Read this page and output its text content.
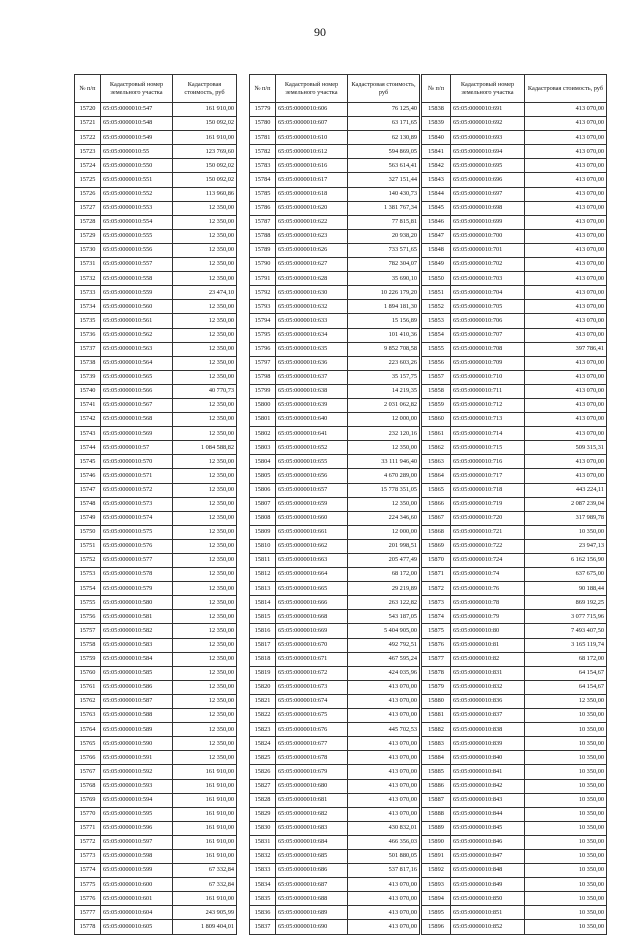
90
№ п/п	Кадастровый номер земельного участка	Кадастровая стоимость, руб
15720	65:05:0000010:547	161 910,00
15721	65:05:0000010:548	150 092,02
15722	65:05:0000010:549	161 910,00
15723	65:05:0000010:55	123 769,60
15724	65:05:0000010:550	150 092,02
15725	65:05:0000010:551	150 092,02
15726	65:05:0000010:552	113 960,86
15727	65:05:0000010:553	12 350,00
15728	65:05:0000010:554	12 350,00
15729	65:05:0000010:555	12 350,00
15730	65:05:0000010:556	12 350,00
15731	65:05:0000010:557	12 350,00
15732	65:05:0000010:558	12 350,00
15733	65:05:0000010:559	23 474,10
15734	65:05:0000010:560	12 350,00
15735	65:05:0000010:561	12 350,00
15736	65:05:0000010:562	12 350,00
15737	65:05:0000010:563	12 350,00
15738	65:05:0000010:564	12 350,00
15739	65:05:0000010:565	12 350,00
15740	65:05:0000010:566	40 770,73
15741	65:05:0000010:567	12 350,00
15742	65:05:0000010:568	12 350,00
15743	65:05:0000010:569	12 350,00
15744	65:05:0000010:57	1 084 588,82
15745	65:05:0000010:570	12 350,00
15746	65:05:0000010:571	12 350,00
15747	65:05:0000010:572	12 350,00
15748	65:05:0000010:573	12 350,00
15749	65:05:0000010:574	12 350,00
15750	65:05:0000010:575	12 350,00
15751	65:05:0000010:576	12 350,00
15752	65:05:0000010:577	12 350,00
15753	65:05:0000010:578	12 350,00
15754	65:05:0000010:579	12 350,00
15755	65:05:0000010:580	12 350,00
15756	65:05:0000010:581	12 350,00
15757	65:05:0000010:582	12 350,00
15758	65:05:0000010:583	12 350,00
15759	65:05:0000010:584	12 350,00
15760	65:05:0000010:585	12 350,00
15761	65:05:0000010:586	12 350,00
15762	65:05:0000010:587	12 350,00
15763	65:05:0000010:588	12 350,00
15764	65:05:0000010:589	12 350,00
15765	65:05:0000010:590	12 350,00
15766	65:05:0000010:591	12 350,00
15767	65:05:0000010:592	161 910,00
15768	65:05:0000010:593	161 910,00
15769	65:05:0000010:594	161 910,00
15770	65:05:0000010:595	161 910,00
15771	65:05:0000010:596	161 910,00
15772	65:05:0000010:597	161 910,00
15773	65:05:0000010:598	161 910,00
15774	65:05:0000010:599	67 332,84
15775	65:05:0000010:600	67 332,84
15776	65:05:0000010:601	161 910,00
15777	65:05:0000010:604	243 905,99
15778	65:05:0000010:605	1 809 404,01
№ п/п	Кадастровый номер земельного участка	Кадастровая стоимость, руб
15779	65:05:0000010:606	76 125,40
15780	65:05:0000010:607	63 171,65
15781	65:05:0000010:610	62 130,89
15782	65:05:0000010:612	594 869,05
15783	65:05:0000010:616	563 614,41
15784	65:05:0000010:617	327 151,44
15785	65:05:0000010:618	140 430,73
15786	65:05:0000010:620	1 381 767,34
15787	65:05:0000010:622	77 815,81
15788	65:05:0000010:623	20 938,20
15789	65:05:0000010:626	733 571,65
15790	65:05:0000010:627	782 304,07
15791	65:05:0000010:628	35 690,10
15792	65:05:0000010:630	10 226 179,20
15793	65:05:0000010:632	1 894 181,30
15794	65:05:0000010:633	15 156,89
15795	65:05:0000010:634	101 410,36
15796	65:05:0000010:635	9 852 708,58
15797	65:05:0000010:636	223 603,26
15798	65:05:0000010:637	35 157,75
15799	65:05:0000010:638	14 219,35
15800	65:05:0000010:639	2 031 062,82
15801	65:05:0000010:640	12 000,00
15802	65:05:0000010:641	232 120,16
15803	65:05:0000010:652	12 350,00
15804	65:05:0000010:655	33 111 946,40
15805	65:05:0000010:656	4 670 289,00
15806	65:05:0000010:657	15 778 351,05
15807	65:05:0000010:659	12 350,00
15808	65:05:0000010:660	224 346,60
15809	65:05:0000010:661	12 000,00
15810	65:05:0000010:662	201 998,51
15811	65:05:0000010:663	205 477,49
15812	65:05:0000010:664	68 172,00
15813	65:05:0000010:665	29 219,89
15814	65:05:0000010:666	263 122,82
15815	65:05:0000010:668	543 187,05
15816	65:05:0000010:669	5 404 905,00
15817	65:05:0000010:670	492 792,51
15818	65:05:0000010:671	467 595,24
15819	65:05:0000010:672	424 035,96
15820	65:05:0000010:673	413 070,00
15821	65:05:0000010:674	413 070,00
15822	65:05:0000010:675	413 070,00
15823	65:05:0000010:676	445 702,53
15824	65:05:0000010:677	413 070,00
15825	65:05:0000010:678	413 070,00
15826	65:05:0000010:679	413 070,00
15827	65:05:0000010:680	413 070,00
15828	65:05:0000010:681	413 070,00
15829	65:05:0000010:682	413 070,00
15830	65:05:0000010:683	430 832,01
15831	65:05:0000010:684	466 356,03
15832	65:05:0000010:685	501 880,05
15833	65:05:0000010:686	537 817,16
15834	65:05:0000010:687	413 070,00
15835	65:05:0000010:688	413 070,00
15836	65:05:0000010:689	413 070,00
15837	65:05:0000010:690	413 070,00
№ п/п	Кадастровый номер земельного участка	Кадастровая стоимость, руб
15838	65:05:0000010:691	413 070,00
15839	65:05:0000010:692	413 070,00
15840	65:05:0000010:693	413 070,00
15841	65:05:0000010:694	413 070,00
15842	65:05:0000010:695	413 070,00
15843	65:05:0000010:696	413 070,00
15844	65:05:0000010:697	413 070,00
15845	65:05:0000010:698	413 070,00
15846	65:05:0000010:699	413 070,00
15847	65:05:0000010:700	413 070,00
15848	65:05:0000010:701	413 070,00
15849	65:05:0000010:702	413 070,00
15850	65:05:0000010:703	413 070,00
15851	65:05:0000010:704	413 070,00
15852	65:05:0000010:705	413 070,00
15853	65:05:0000010:706	413 070,00
15854	65:05:0000010:707	413 070,00
15855	65:05:0000010:708	397 786,41
15856	65:05:0000010:709	413 070,00
15857	65:05:0000010:710	413 070,00
15858	65:05:0000010:711	413 070,00
15859	65:05:0000010:712	413 070,00
15860	65:05:0000010:713	413 070,00
15861	65:05:0000010:714	413 070,00
15862	65:05:0000010:715	509 315,31
15863	65:05:0000010:716	413 070,00
15864	65:05:0000010:717	413 070,00
15865	65:05:0000010:718	443 224,11
15866	65:05:0000010:719	2 087 239,04
15867	65:05:0000010:720	317 989,78
15868	65:05:0000010:721	10 350,00
15869	65:05:0000010:722	23 947,13
15870	65:05:0000010:724	6 162 156,90
15871	65:05:0000010:74	637 675,00
15872	65:05:0000010:76	90 188,44
15873	65:05:0000010:78	869 192,25
15874	65:05:0000010:79	3 077 715,96
15875	65:05:0000010:80	7 493 407,50
15876	65:05:0000010:81	3 165 119,74
15877	65:05:0000010:82	68 172,00
15878	65:05:0000010:831	64 154,67
15879	65:05:0000010:832	64 154,67
15880	65:05:0000010:836	12 350,00
15881	65:05:0000010:837	10 350,00
15882	65:05:0000010:838	10 350,00
15883	65:05:0000010:839	10 350,00
15884	65:05:0000010:840	10 350,00
15885	65:05:0000010:841	10 350,00
15886	65:05:0000010:842	10 350,00
15887	65:05:0000010:843	10 350,00
15888	65:05:0000010:844	10 350,00
15889	65:05:0000010:845	10 350,00
15890	65:05:0000010:846	10 350,00
15891	65:05:0000010:847	10 350,00
15892	65:05:0000010:848	10 350,00
15893	65:05:0000010:849	10 350,00
15894	65:05:0000010:850	10 350,00
15895	65:05:0000010:851	10 350,00
15896	65:05:0000010:852	10 350,00
